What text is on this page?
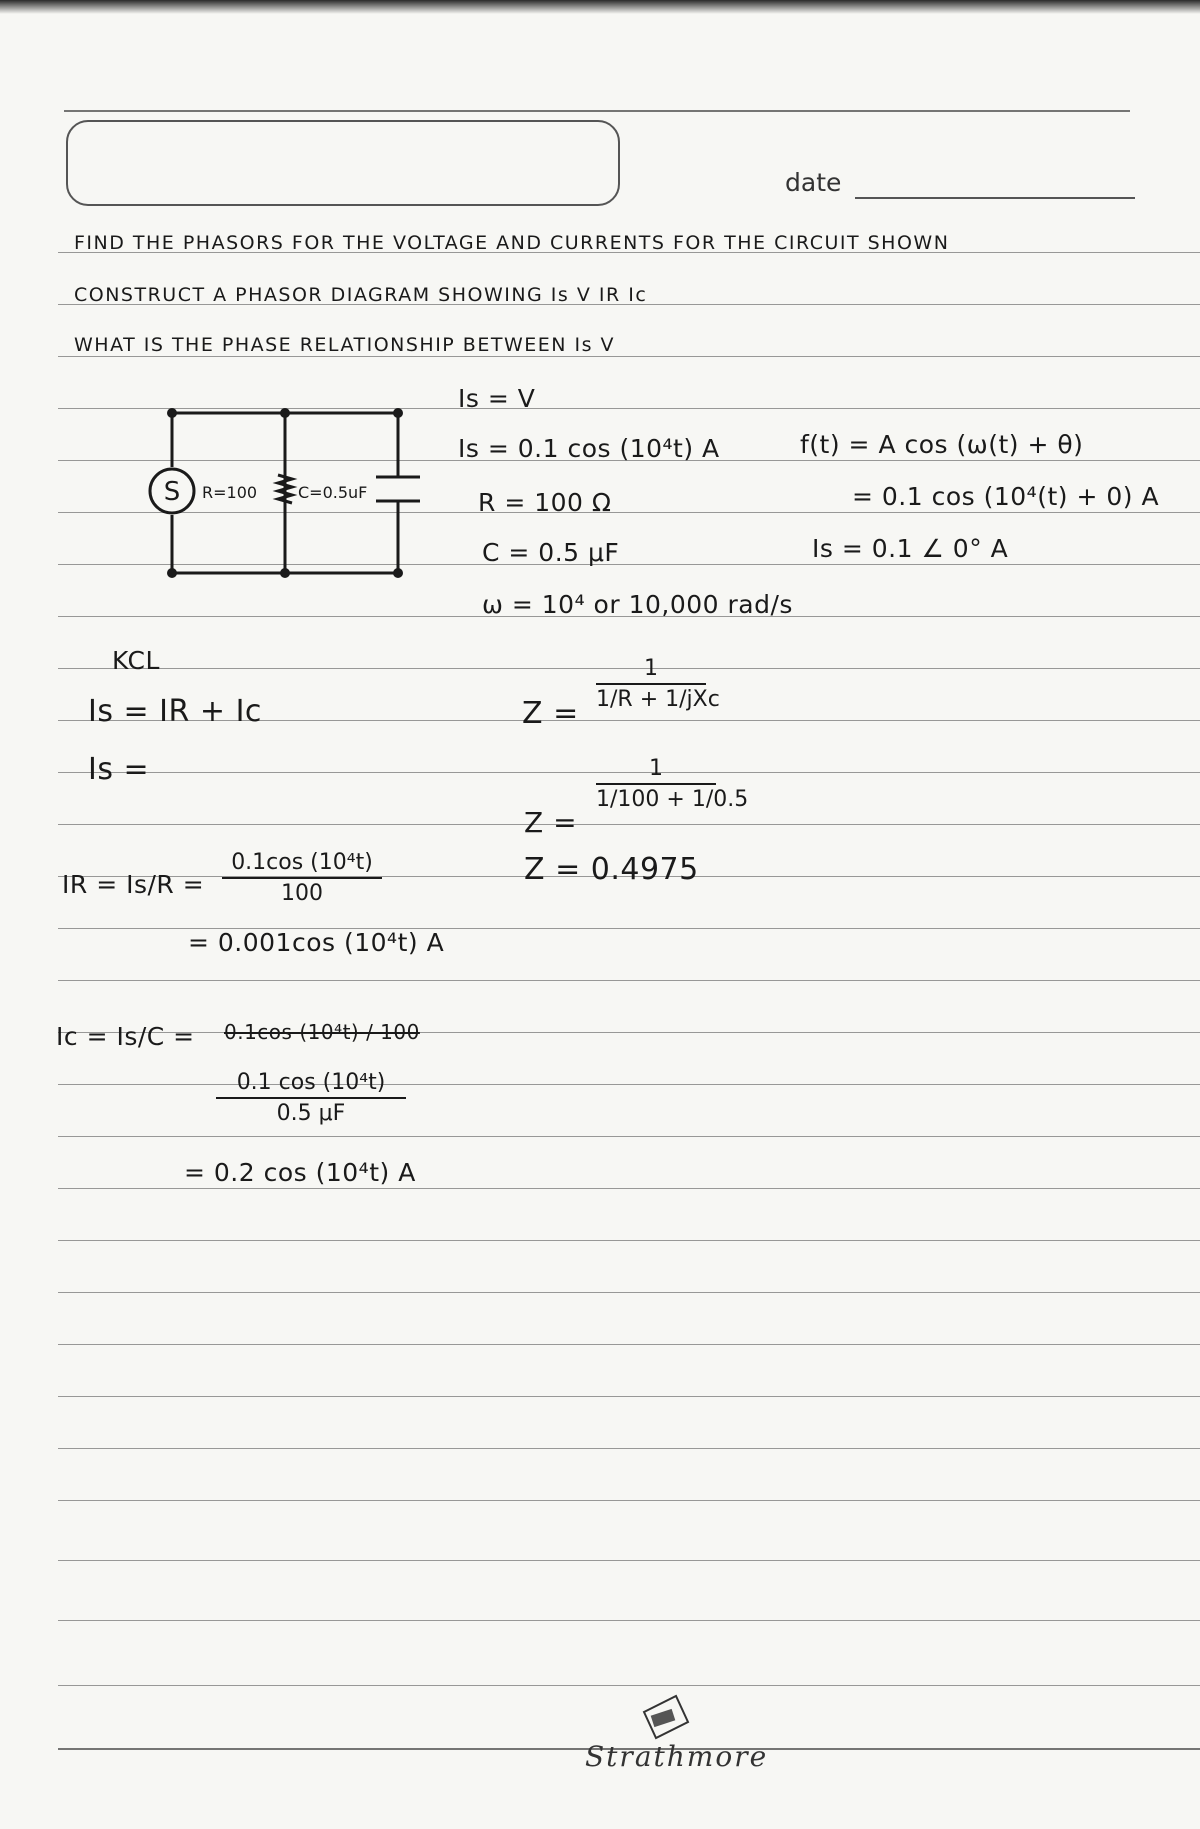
date
FIND THE PHASORS FOR THE VOLTAGE AND CURRENTS FOR THE CIRCUIT SHOWN
CONSTRUCT A PHASOR DIAGRAM SHOWING Is V IR Ic
WHAT IS THE PHASE RELATIONSHIP BETWEEN Is V
S R=100	C=0.5uF
Is = V
Is = 0.1 cos (10⁴t) A
R = 100 Ω
C = 0.5 μF
ω = 10⁴ or 10,000 rad/s
f(t) = A cos (ω(t) + θ)
= 0.1 cos (10⁴(t) + 0) A
Is = 0.1 ∠ 0° A
KCL
Is = IR + Ic
Is =
Z =
1
1/R + 1/jXc
Z =
1
1/100 + 1/0.5
Z = 0.4975
IR = Is/R =
0.1cos (10⁴t)
100
= 0.001cos (10⁴t) A
Ic = Is/C = 0.1cos (10⁴t) / 100
0.1 cos (10⁴t)
0.5 μF
= 0.2 cos (10⁴t) A
Strathmore
